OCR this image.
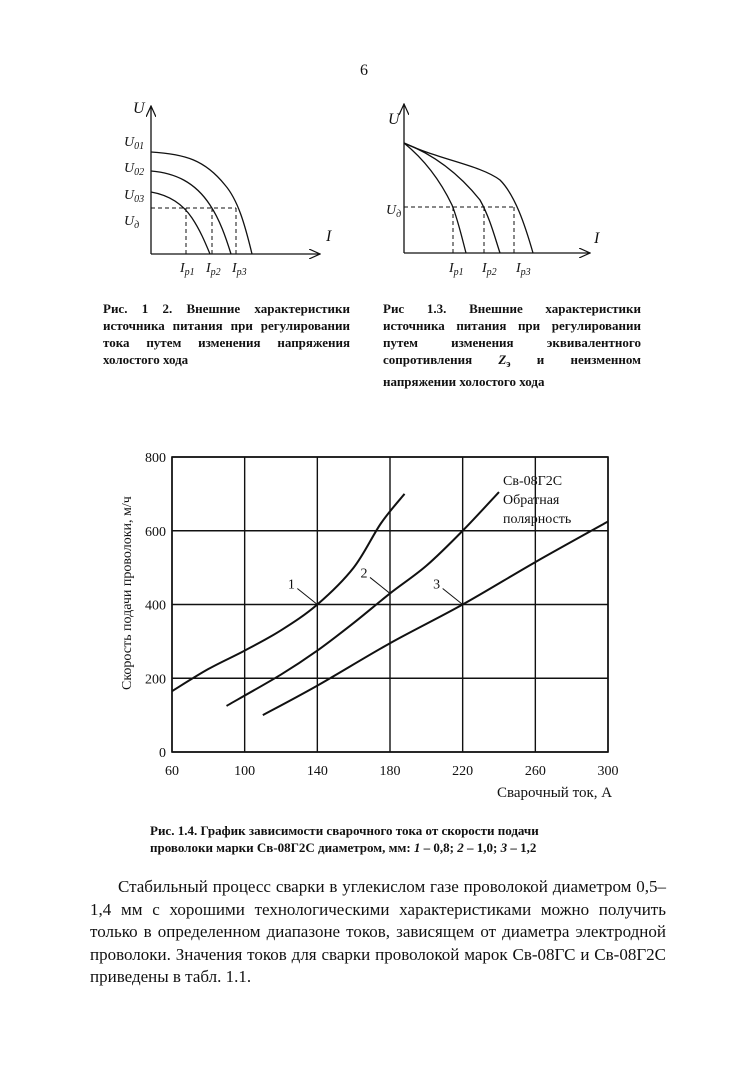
6
60	100	140	180	220	260	300
0
200
400
600
800
1
2
3
U
I
$U_{01}$
$U_{02}$
$U_{03}$
$U_д$
$I_{p1}$ $I_{p2}$ $I_{p3}$
Рис. 1 2. Внешние характеристики источника питания при регулировании тока путем изменения напряжения холостого хода
U
I
$U_д$
$I_{p1}$ $I_{p2}$ $I_{p3}$
Рис 1.3. Внешние характеристики источника питания при регулировании путем изменения эквивалентного сопротивления $Z_э$ и неизменном напряжении холостого хода
Скорость подачи проволоки, м/ч
Сварочный ток, А
Св-08Г2С
Обратная
полярность
Рис. 1.4. График зависимости сварочного тока от скорости подачи проволоки марки Св-08Г2С диаметром, мм: 1 – 0,8; 2 – 1,0; 3 – 1,2
Стабильный процесс сварки в углекислом газе проволокой диаметром 0,5–1,4 мм с хорошими технологическими характеристиками можно получить только в определенном диапазоне токов, зависящем от диаметра электродной проволоки. Значения токов для сварки проволокой марок Св-08ГС и Св-08Г2С приведены в табл. 1.1.
